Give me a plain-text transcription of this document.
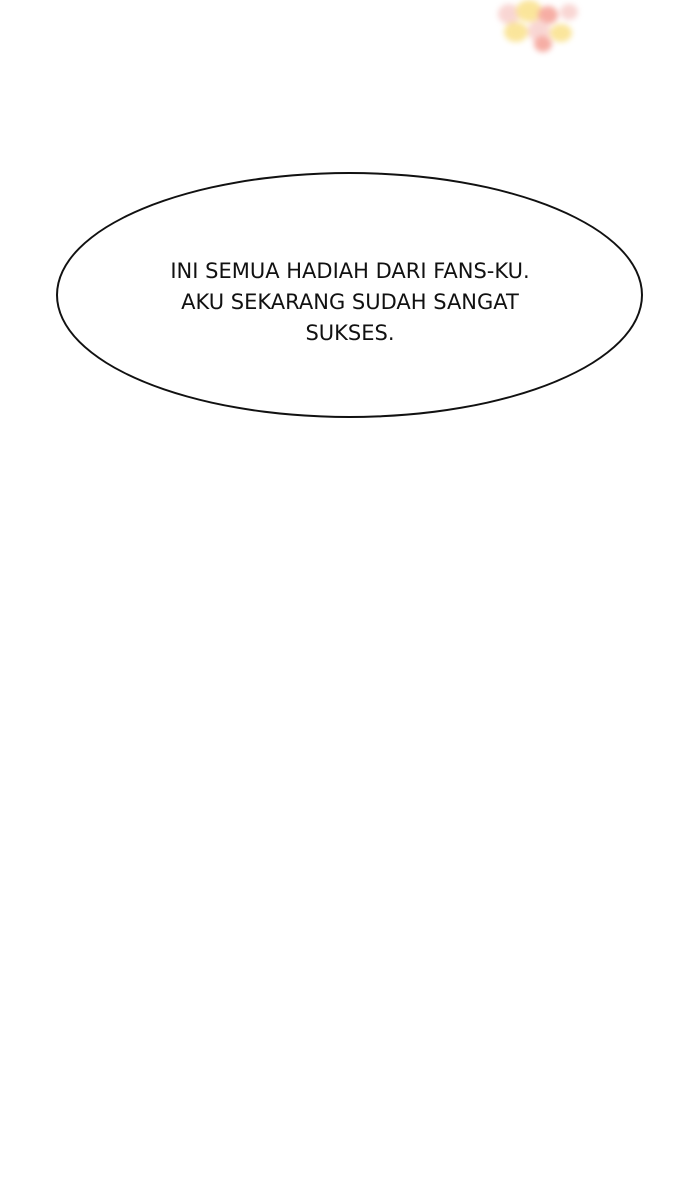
INI SEMUA HADIAH DARI FANS-KU.
AKU SEKARANG SUDAH SANGAT
SUKSES.
